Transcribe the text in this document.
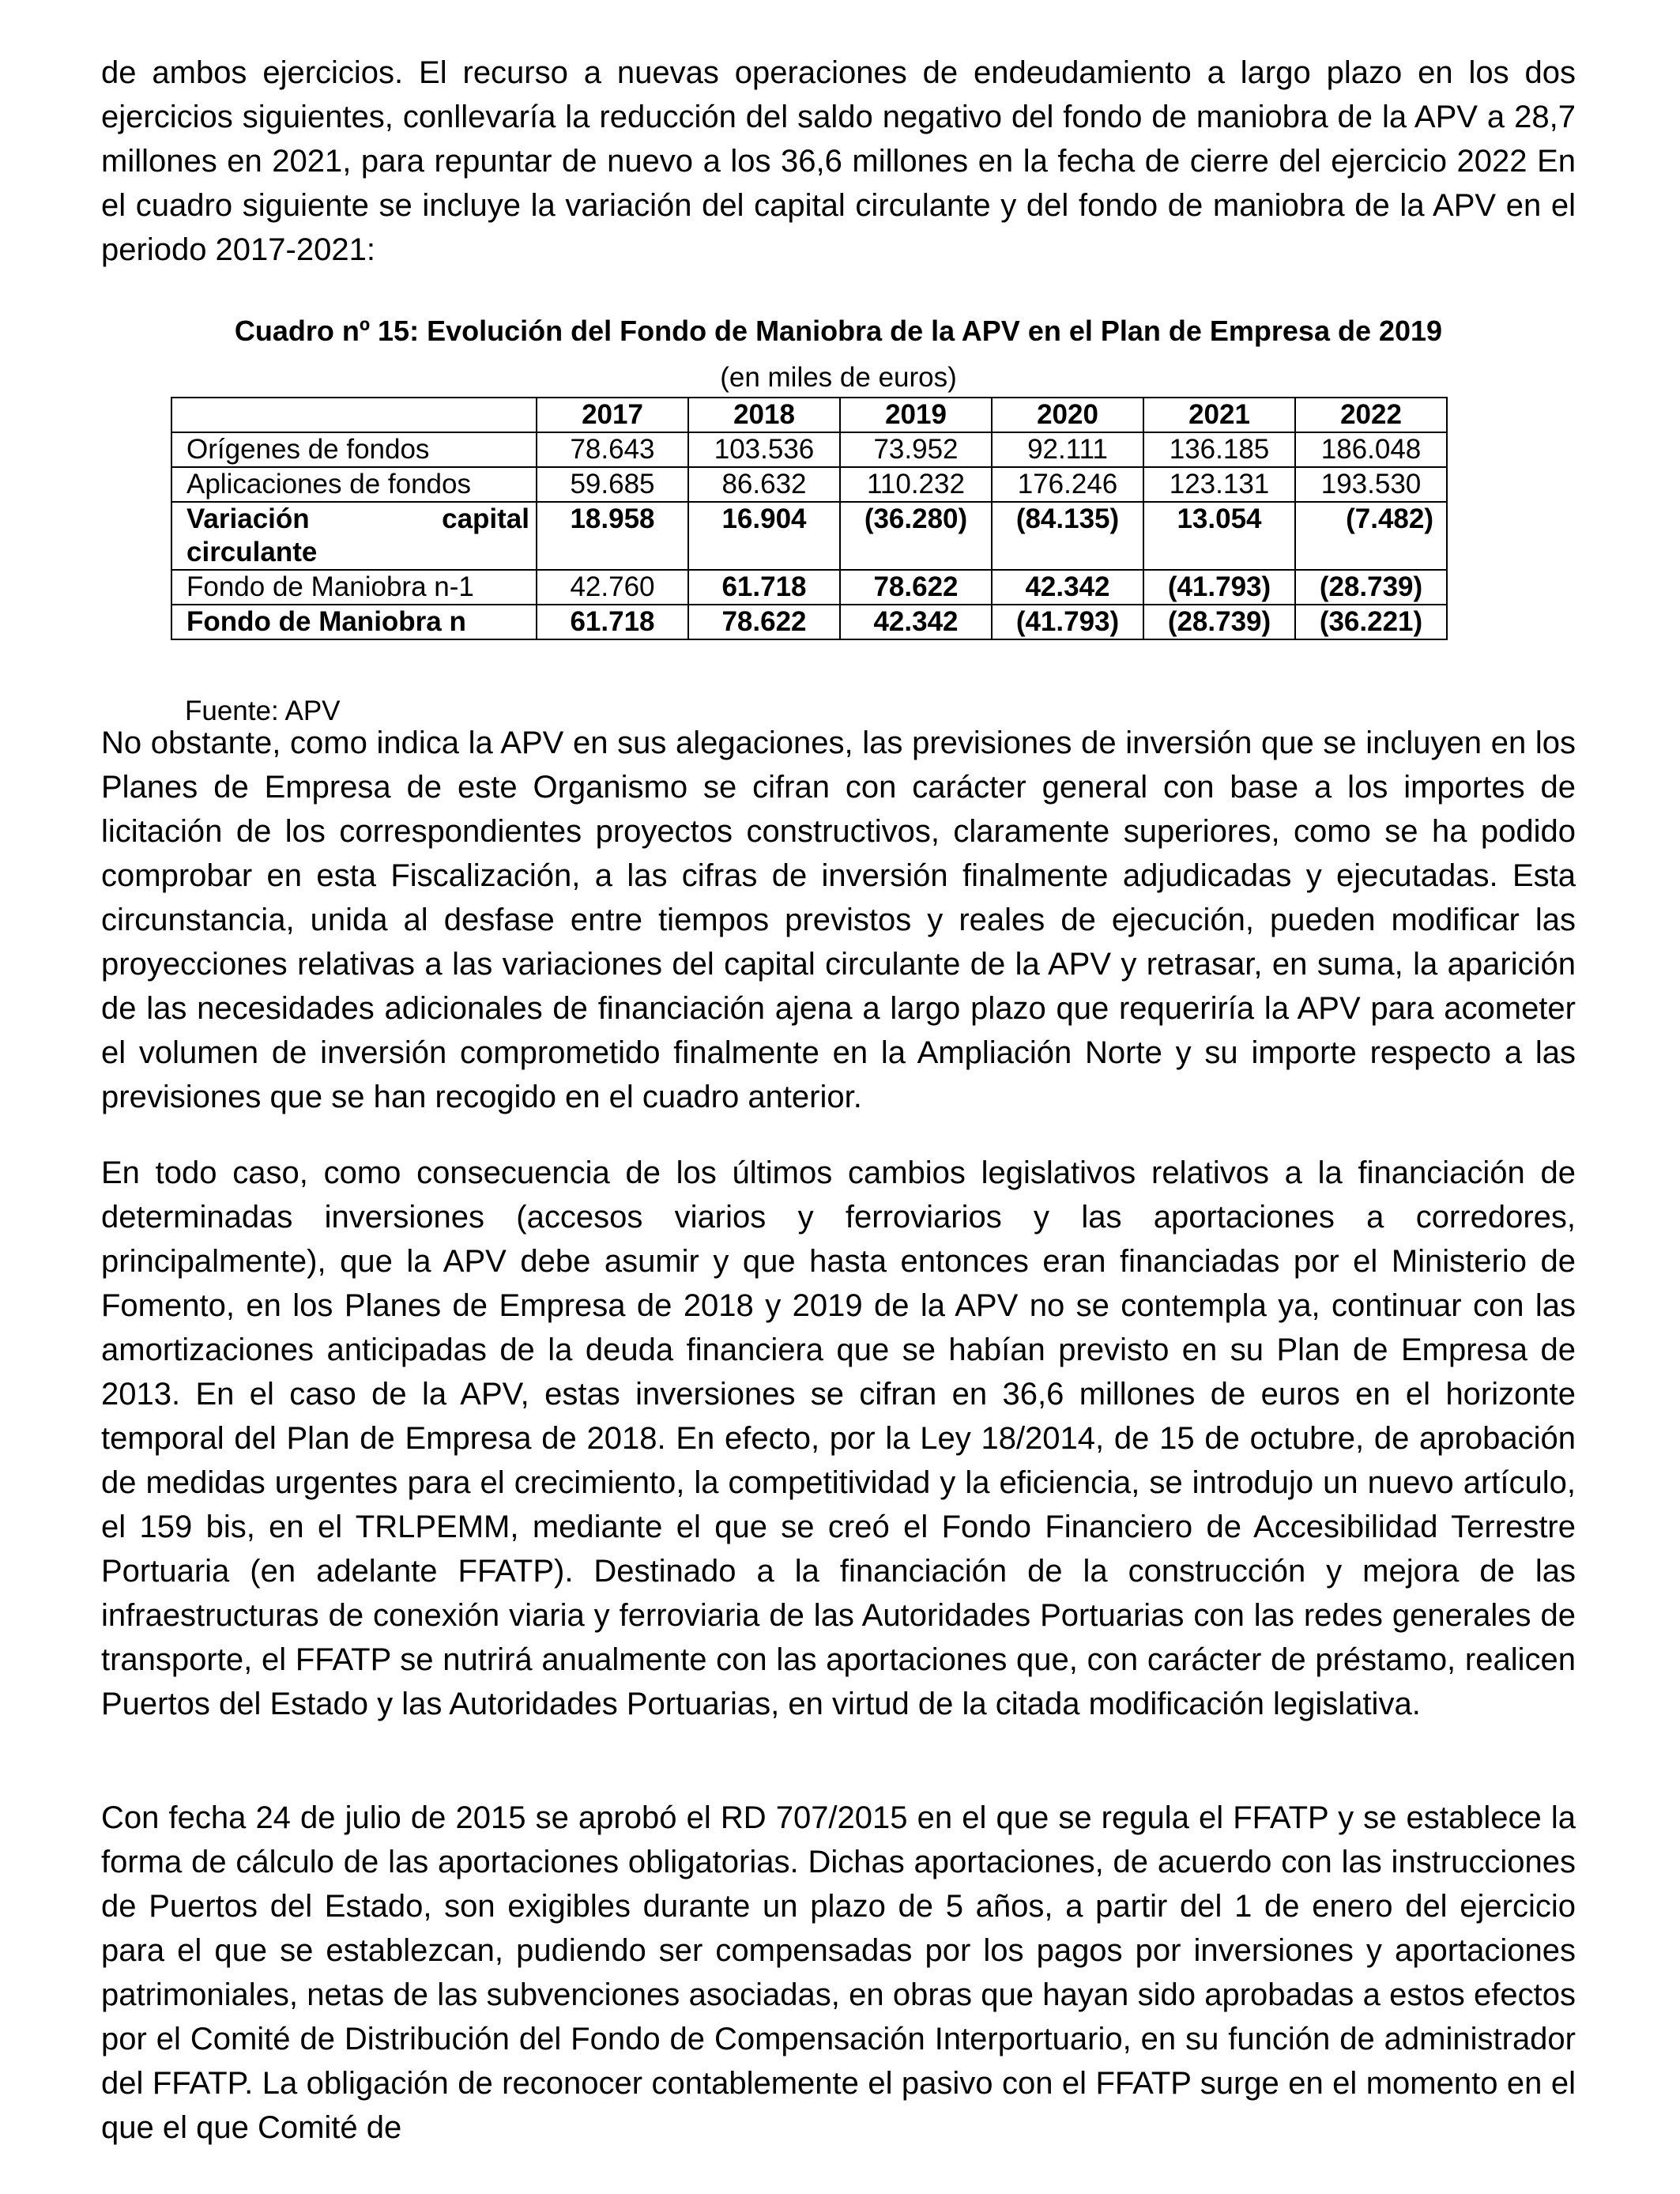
de ambos ejercicios. El recurso a nuevas operaciones de endeudamiento a largo plazo en los dos ejercicios siguientes, conllevaría la reducción del saldo negativo del fondo de maniobra de la APV a 28,7 millones en 2021, para repuntar de nuevo a los 36,6 millones en la fecha de cierre del ejercicio 2022 En el cuadro siguiente se incluye la variación del capital circulante y del fondo de maniobra de la APV en el periodo 2017-2021:

Cuadro nº 15: Evolución del Fondo de Maniobra de la APV en el Plan de Empresa de 2019

(en miles de euros)

	2017	2018	2019	2020	2021	2022
Orígenes de fondos	78.643	103.536	73.952	92.111	136.185	186.048
Aplicaciones de fondos	59.685	86.632	110.232	176.246	123.131	193.530

Variación capital
circulante	18.958	16.904	(36.280)	(84.135)	13.054	(7.482)
Fondo de Maniobra n-1	42.760	61.718	78.622	42.342	(41.793)	(28.739)
Fondo de Maniobra n	61.718	78.622	42.342	(41.793)	(28.739)	(36.221)

Fuente: APV

No obstante, como indica la APV en sus alegaciones, las previsiones de inversión que se incluyen en los Planes de Empresa de este Organismo se cifran con carácter general con base a los importes de licitación de los correspondientes proyectos constructivos, claramente superiores, como se ha podido comprobar en esta Fiscalización, a las cifras de inversión finalmente adjudicadas y ejecutadas. Esta circunstancia, unida al desfase entre tiempos previstos y reales de ejecución, pueden modificar las proyecciones relativas a las variaciones del capital circulante de la APV y retrasar, en suma, la aparición de las necesidades adicionales de financiación ajena a largo plazo que requeriría la APV para acometer el volumen de inversión comprometido finalmente en la Ampliación Norte y su importe respecto a las previsiones que se han recogido en el cuadro anterior.

En todo caso, como consecuencia de los últimos cambios legislativos relativos a la financiación de determinadas inversiones (accesos viarios y ferroviarios y las aportaciones a corredores, principalmente), que la APV debe asumir y que hasta entonces eran financiadas por el Ministerio de Fomento, en los Planes de Empresa de 2018 y 2019 de la APV no se contempla ya, continuar con las amortizaciones anticipadas de la deuda financiera que se habían previsto en su Plan de Empresa de 2013. En el caso de la APV, estas inversiones se cifran en 36,6 millones de euros en el horizonte temporal del Plan de Empresa de 2018. En efecto, por la Ley 18/2014, de 15 de octubre, de aprobación de medidas urgentes para el crecimiento, la competitividad y la eficiencia, se introdujo un nuevo artículo, el 159 bis, en el TRLPEMM, mediante el que se creó el Fondo Financiero de Accesibilidad Terrestre Portuaria (en adelante FFATP). Destinado a la financiación de la construcción y mejora de las infraestructuras de conexión viaria y ferroviaria de las Autoridades Portuarias con las redes generales de transporte, el FFATP se nutrirá anualmente con las aportaciones que, con carácter de préstamo, realicen Puertos del Estado y las Autoridades Portuarias, en virtud de la citada modificación legislativa.

Con fecha 24 de julio de 2015 se aprobó el RD 707/2015 en el que se regula el FFATP y se establece la forma de cálculo de las aportaciones obligatorias. Dichas aportaciones, de acuerdo con las instrucciones de Puertos del Estado, son exigibles durante un plazo de 5 años, a partir del 1 de enero del ejercicio para el que se establezcan, pudiendo ser compensadas por los pagos por inversiones y aportaciones patrimoniales, netas de las subvenciones asociadas, en obras que hayan sido aprobadas a estos efectos por el Comité de Distribución del Fondo de Compensación Interportuario, en su función de administrador del FFATP. La obligación de reconocer contablemente el pasivo con el FFATP surge en el momento en el que el que Comité de
